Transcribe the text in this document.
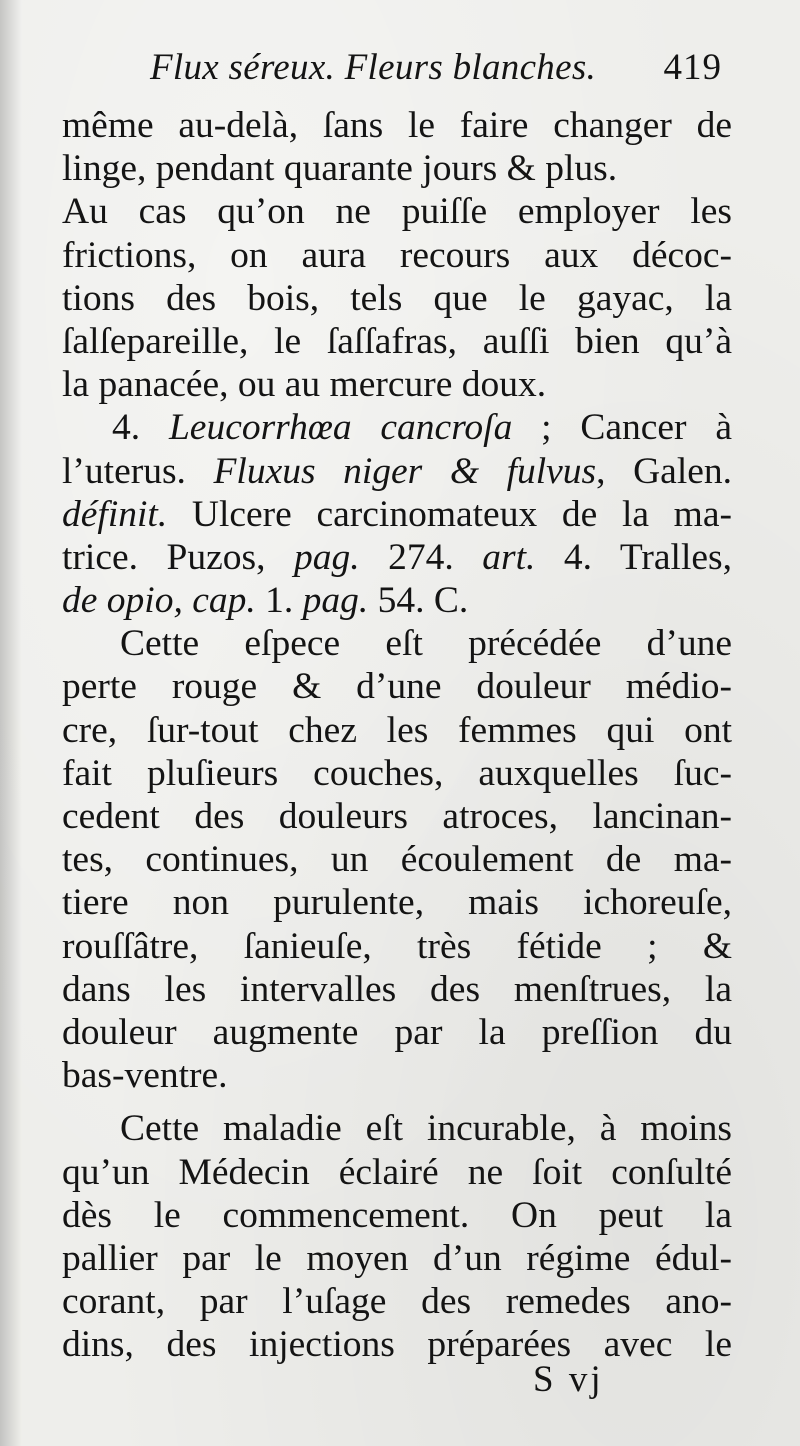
Flux séreux. Fleurs blanches. 419
même au-delà, ſans le faire changer de
linge, pendant quarante jours & plus.
Au cas qu’on ne puiſſe employer les
frictions, on aura recours aux décoc-
tions des bois, tels que le gayac, la
ſalſepareille, le ſaſſafras, auſſi bien qu’à
la panacée, ou au mercure doux.
4. Leucorrhœa cancroſa ; Cancer à
l’uterus. Fluxus niger & fulvus, Galen.
définit. Ulcere carcinomateux de la ma-
trice. Puzos, pag. 274. art. 4. Tralles,
de opio, cap. 1. pag. 54. C.
Cette eſpece eſt précédée d’une
perte rouge & d’une douleur médio-
cre, ſur-tout chez les femmes qui ont
fait pluſieurs couches, auxquelles ſuc-
cedent des douleurs atroces, lancinan-
tes, continues, un écoulement de ma-
tiere non purulente, mais ichoreuſe,
rouſſâtre, ſanieuſe, très fétide ; &
dans les intervalles des menſtrues, la
douleur augmente par la preſſion du
bas-ventre.
Cette maladie eſt incurable, à moins
qu’un Médecin éclairé ne ſoit conſulté
dès le commencement. On peut la
pallier par le moyen d’un régime édul-
corant, par l’uſage des remedes ano-
dins, des injections préparées avec le
S vj
